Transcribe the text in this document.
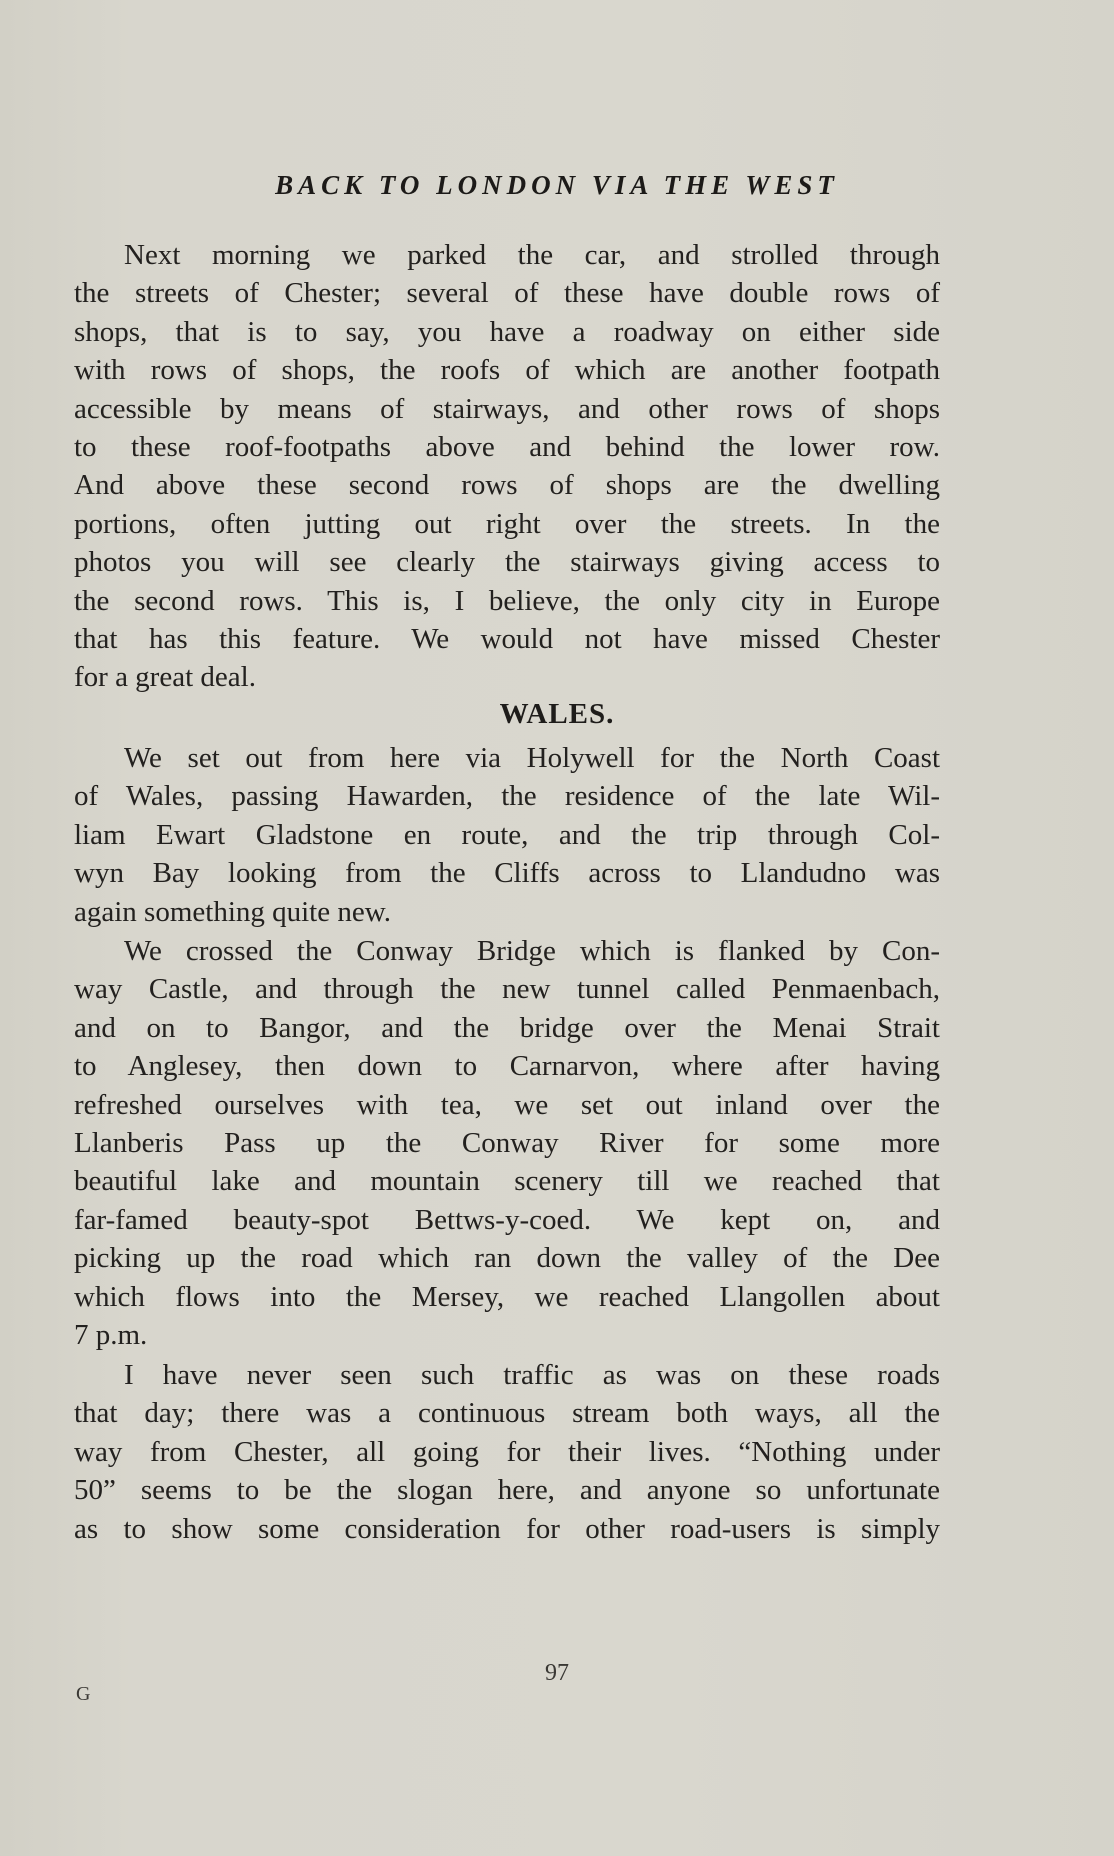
BACK TO LONDON VIA THE WEST

Next morning we parked the car, and strolled through
the streets of Chester; several of these have double rows of
shops, that is to say, you have a roadway on either side
with rows of shops, the roofs of which are another footpath
accessible by means of stairways, and other rows of shops
to these roof-footpaths above and behind the lower row.
And above these second rows of shops are the dwelling
portions, often jutting out right over the streets. In the
photos you will see clearly the stairways giving access to
the second rows. This is, I believe, the only city in Europe
that has this feature. We would not have missed Chester
for a great deal.

WALES.

We set out from here via Holywell for the North Coast
of Wales, passing Hawarden, the residence of the late Wil-
liam Ewart Gladstone en route, and the trip through Col-
wyn Bay looking from the Cliffs across to Llandudno was
again something quite new.

We crossed the Conway Bridge which is flanked by Con-
way Castle, and through the new tunnel called Penmaenbach,
and on to Bangor, and the bridge over the Menai Strait
to Anglesey, then down to Carnarvon, where after having
refreshed ourselves with tea, we set out inland over the
Llanberis Pass up the Conway River for some more
beautiful lake and mountain scenery till we reached that
far-famed beauty-spot Bettws-y-coed. We kept on, and
picking up the road which ran down the valley of the Dee
which flows into the Mersey, we reached Llangollen about
7 p.m.

I have never seen such traffic as was on these roads
that day; there was a continuous stream both ways, all the
way from Chester, all going for their lives. “Nothing under
50” seems to be the slogan here, and anyone so unfortunate
as to show some consideration for other road-users is simply

97
G
